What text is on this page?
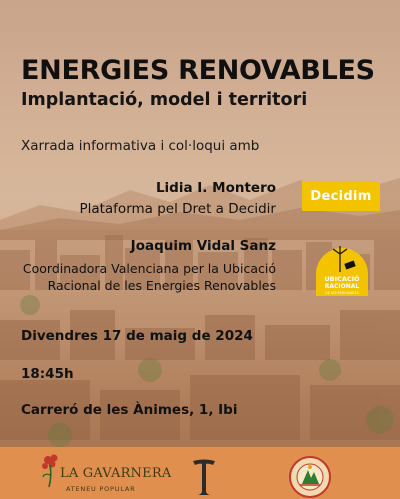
ENERGIES RENOVABLES
Implantació, model i territori
Xarrada informativa i col·loqui amb
Lidia I. Montero
Plataforma pel Dret a Decidir
Joaquim Vidal Sanz
Coordinadora Valenciana per la Ubicació
Racional de les Energies Renovables
Divendres 17 de maig de 2024
18:45h
Carreró de les Ànimes, 1, Ibi
Decidim
UBICACIÓ
RACIONAL
DE LES RENOVABLES
LA GAVARNERA
ATENEU POPULAR
